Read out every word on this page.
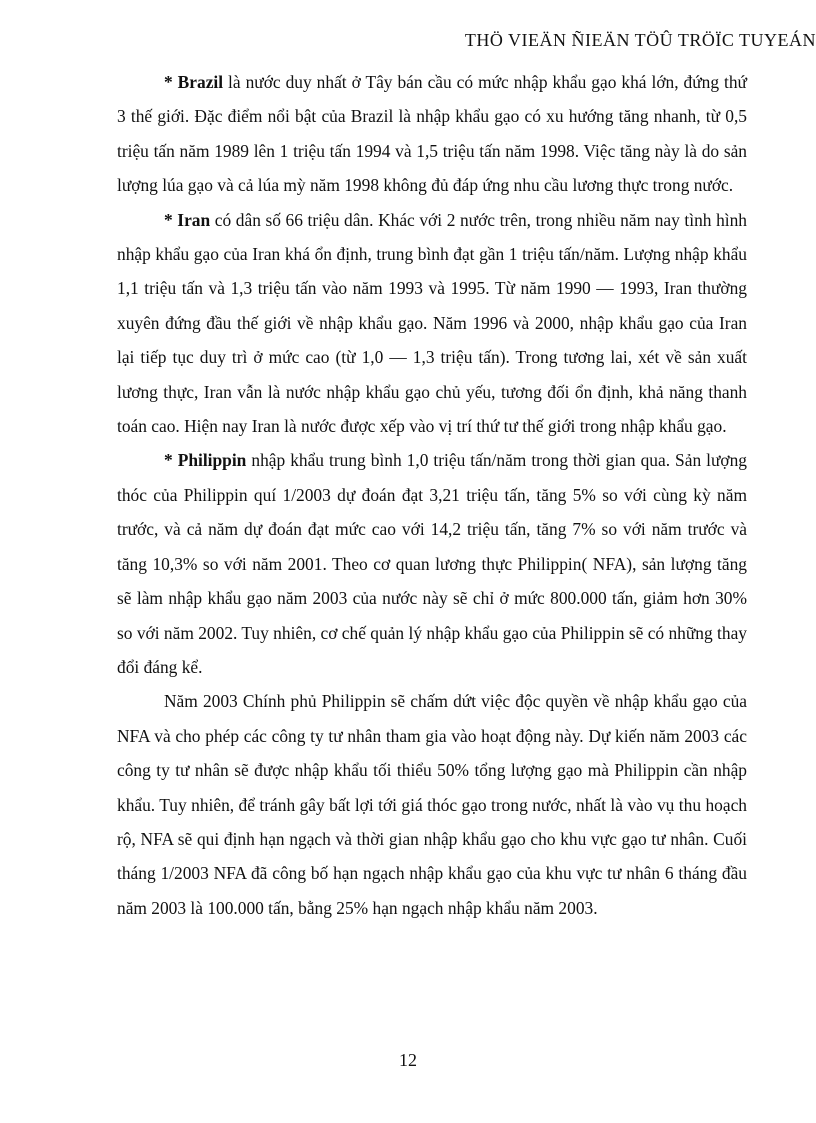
THÖ VIEÄN ÑIEÄN TÖÛ TRÖÏC TUYEÁN

* Brazil là nước duy nhất ở Tây bán cầu có mức nhập khẩu gạo khá lớn, đứng thứ 3 thế giới. Đặc điểm nổi bật của Brazil là nhập khẩu gạo có xu hướng tăng nhanh, từ 0,5 triệu tấn năm 1989 lên 1 triệu tấn 1994 và 1,5 triệu tấn năm 1998. Việc tăng này là do sản lượng lúa gạo và cả lúa mỳ năm 1998 không đủ đáp ứng nhu cầu lương thực trong nước.

* Iran có dân số 66 triệu dân. Khác với 2 nước trên, trong nhiều năm nay tình hình nhập khẩu gạo của Iran khá ổn định, trung bình đạt gần 1 triệu tấn/năm. Lượng nhập khẩu 1,1 triệu tấn và 1,3 triệu tấn vào năm 1993 và 1995. Từ năm 1990 — 1993, Iran thường xuyên đứng đầu thế giới về nhập khẩu gạo. Năm 1996 và 2000, nhập khẩu gạo của Iran lại tiếp tục duy trì ở mức cao (từ 1,0 — 1,3 triệu tấn). Trong tương lai, xét về sản xuất lương thực, Iran vẫn là nước nhập khẩu gạo chủ yếu, tương đối ổn định, khả năng thanh toán cao. Hiện nay Iran là nước được xếp vào vị trí thứ tư thế giới trong nhập khẩu gạo.

* Philippin nhập khẩu trung bình 1,0 triệu tấn/năm trong thời gian qua. Sản lượng thóc của Philippin quí 1/2003 dự đoán đạt 3,21 triệu tấn, tăng 5% so với cùng kỳ năm trước, và cả năm dự đoán đạt mức cao với 14,2 triệu tấn, tăng 7% so với năm trước và tăng 10,3% so với năm 2001. Theo cơ quan lương thực Philippin( NFA), sản lượng tăng sẽ làm nhập khẩu gạo năm 2003 của nước này sẽ chỉ ở mức 800.000 tấn, giảm hơn 30% so với năm 2002. Tuy nhiên, cơ chế quản lý nhập khẩu gạo của Philippin sẽ có những thay đổi đáng kể.

Năm 2003 Chính phủ Philippin sẽ chấm dứt việc độc quyền về nhập khẩu gạo của NFA và cho phép các công ty tư nhân tham gia vào hoạt động này. Dự kiến năm 2003 các công ty tư nhân sẽ được nhập khẩu tối thiểu 50% tổng lượng gạo mà Philippin cần nhập khẩu. Tuy nhiên, để tránh gây bất lợi tới giá thóc gạo trong nước, nhất là vào vụ thu hoạch rộ, NFA sẽ qui định hạn ngạch và thời gian nhập khẩu gạo cho khu vực gạo tư nhân. Cuối tháng 1/2003 NFA đã công bố hạn ngạch nhập khẩu gạo của khu vực tư nhân 6 tháng đầu năm 2003 là 100.000 tấn, bằng 25% hạn ngạch nhập khẩu năm 2003.

12
